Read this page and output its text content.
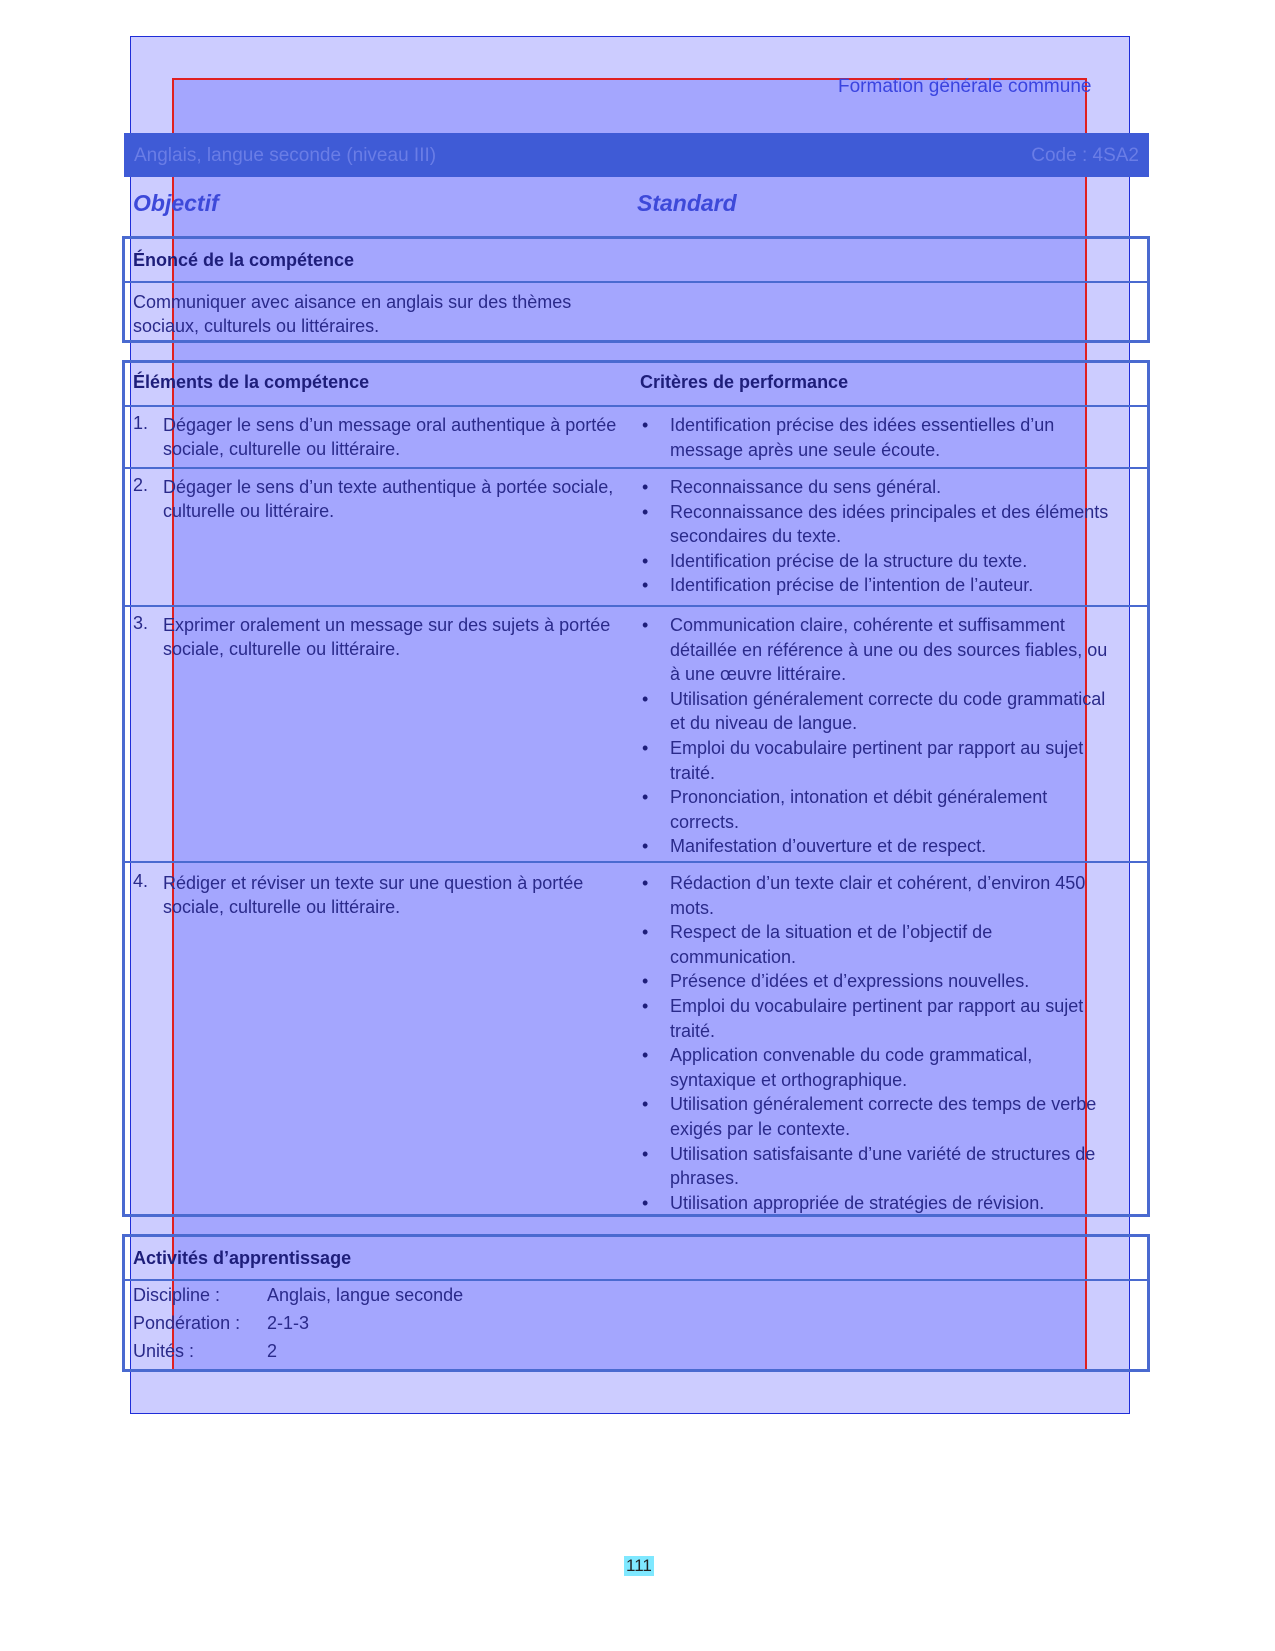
Formation générale commune
Anglais, langue seconde (niveau III)	Code : 4SA2
Objectif	Standard
Énoncé de la compétence
Communiquer avec aisance en anglais sur des thèmes sociaux, culturels ou littéraires.
Éléments de la compétence	Critères de performance
1. Dégager le sens d’un message oral authentique à portée sociale, culturelle ou littéraire.
• Identification précise des idées essentielles d’un message après une seule écoute.
2. Dégager le sens d’un texte authentique à portée sociale, culturelle ou littéraire.
• Reconnaissance du sens général.
• Reconnaissance des idées principales et des éléments secondaires du texte.
• Identification précise de la structure du texte.
• Identification précise de l’intention de l’auteur.
3. Exprimer oralement un message sur des sujets à portée sociale, culturelle ou littéraire.
• Communication claire, cohérente et suffisamment détaillée en référence à une ou des sources fiables, ou à une œuvre littéraire.
• Utilisation généralement correcte du code grammatical et du niveau de langue.
• Emploi du vocabulaire pertinent par rapport au sujet traité.
• Prononciation, intonation et débit généralement corrects.
• Manifestation d’ouverture et de respect.
4. Rédiger et réviser un texte sur une question à portée sociale, culturelle ou littéraire.
• Rédaction d’un texte clair et cohérent, d’environ 450 mots.
• Respect de la situation et de l’objectif de communication.
• Présence d’idées et d’expressions nouvelles.
• Emploi du vocabulaire pertinent par rapport au sujet traité.
• Application convenable du code grammatical, syntaxique et orthographique.
• Utilisation généralement correcte des temps de verbe exigés par le contexte.
• Utilisation satisfaisante d’une variété de structures de phrases.
• Utilisation appropriée de stratégies de révision.
Activités d’apprentissage
Discipline :	Anglais, langue seconde
Pondération : 2-1-3
Unités :	2
111
